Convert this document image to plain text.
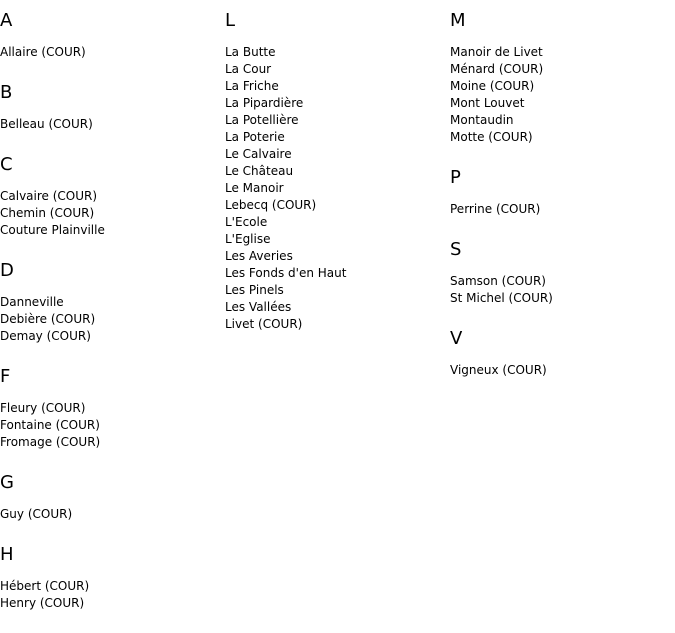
A
Allaire (COUR)
B
Belleau (COUR)
C
Calvaire (COUR)
Chemin (COUR)
Couture Plainville
D
Danneville
Debière (COUR)
Demay (COUR)
F
Fleury (COUR)
Fontaine (COUR)
Fromage (COUR)
G
Guy (COUR)
H
Hébert (COUR)
Henry (COUR)
L
La Butte
La Cour
La Friche
La Pipardière
La Potellière
La Poterie
Le Calvaire
Le Château
Le Manoir
Lebecq (COUR)
L'Ecole
L'Eglise
Les Averies
Les Fonds d'en Haut
Les Pinels
Les Vallées
Livet (COUR)
M
Manoir de Livet
Ménard (COUR)
Moine (COUR)
Mont Louvet
Montaudin
Motte (COUR)
P
Perrine (COUR)
S
Samson (COUR)
St Michel (COUR)
V
Vigneux (COUR)
